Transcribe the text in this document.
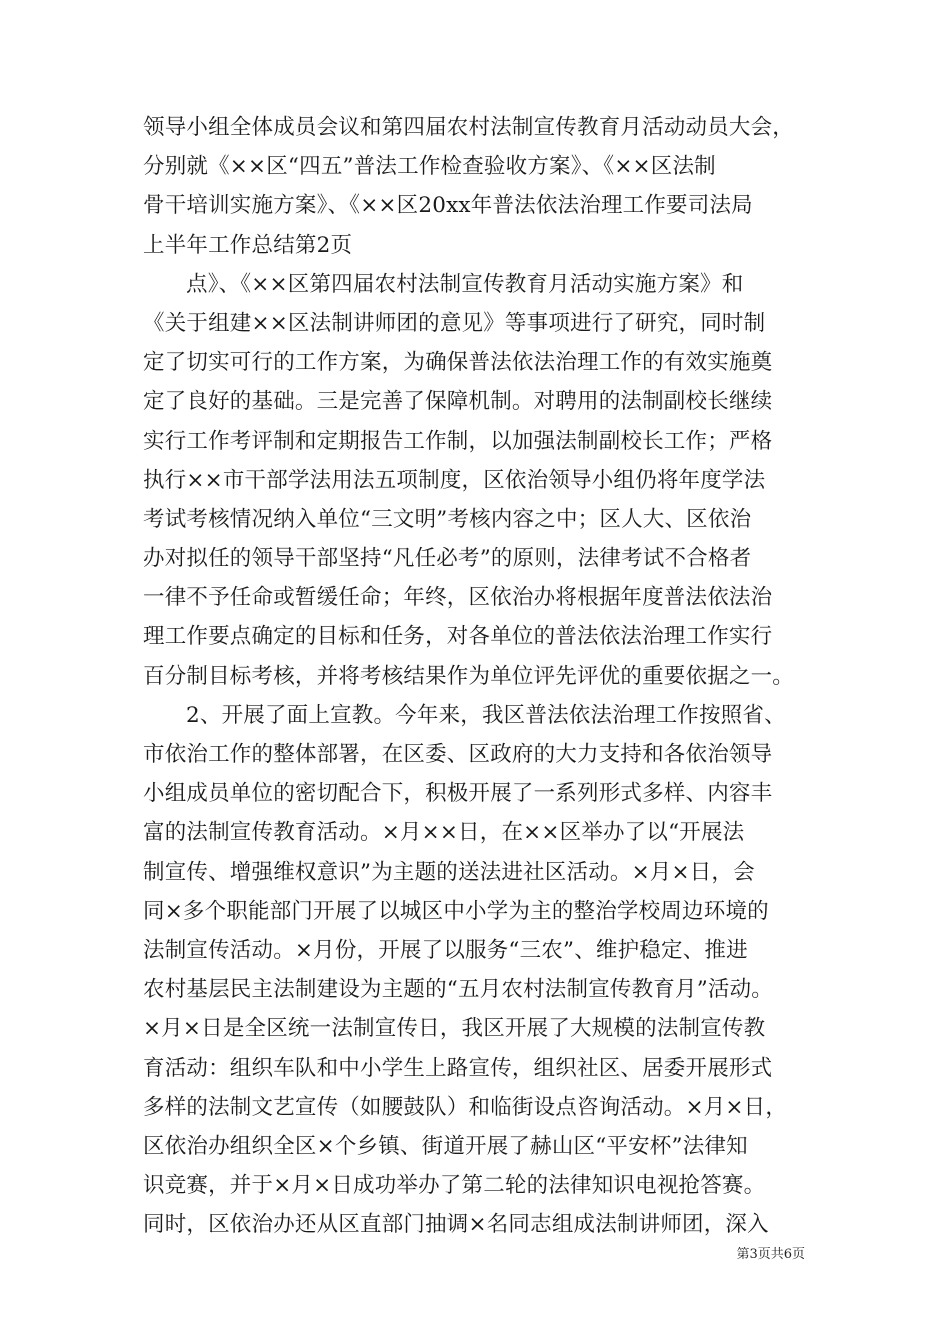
领导小组全体成员会议和第四届农村法制宣传教育月活动动员大会，
分别就《××区“四五”普法工作检查验收方案》、《××区法制
骨干培训实施方案》、《××区20xx年普法依法治理工作要司法局
上半年工作总结第2页
点》、《××区第四届农村法制宣传教育月活动实施方案》和
《关于组建××区法制讲师团的意见》等事项进行了研究，同时制
定了切实可行的工作方案，为确保普法依法治理工作的有效实施奠
定了良好的基础。三是完善了保障机制。对聘用的法制副校长继续
实行工作考评制和定期报告工作制，以加强法制副校长工作；严格
执行××市干部学法用法五项制度，区依治领导小组仍将年度学法
考试考核情况纳入单位“三文明”考核内容之中；区人大、区依治
办对拟任的领导干部坚持“凡任必考”的原则，法律考试不合格者
一律不予任命或暂缓任命；年终，区依治办将根据年度普法依法治
理工作要点确定的目标和任务，对各单位的普法依法治理工作实行
百分制目标考核，并将考核结果作为单位评先评优的重要依据之一。
2、开展了面上宣教。今年来，我区普法依法治理工作按照省、
市依治工作的整体部署，在区委、区政府的大力支持和各依治领导
小组成员单位的密切配合下，积极开展了一系列形式多样、内容丰
富的法制宣传教育活动。×月××日，在××区举办了以“开展法
制宣传、增强维权意识”为主题的送法进社区活动。×月×日，会
同×多个职能部门开展了以城区中小学为主的整治学校周边环境的
法制宣传活动。×月份，开展了以服务“三农”、维护稳定、推进
农村基层民主法制建设为主题的“五月农村法制宣传教育月”活动。
×月×日是全区统一法制宣传日，我区开展了大规模的法制宣传教
育活动：组织车队和中小学生上路宣传，组织社区、居委开展形式
多样的法制文艺宣传（如腰鼓队）和临街设点咨询活动。×月×日，
区依治办组织全区×个乡镇、街道开展了赫山区“平安杯”法律知
识竞赛，并于×月×日成功举办了第二轮的法律知识电视抢答赛。
同时，区依治办还从区直部门抽调×名同志组成法制讲师团，深入
第3页共6页
